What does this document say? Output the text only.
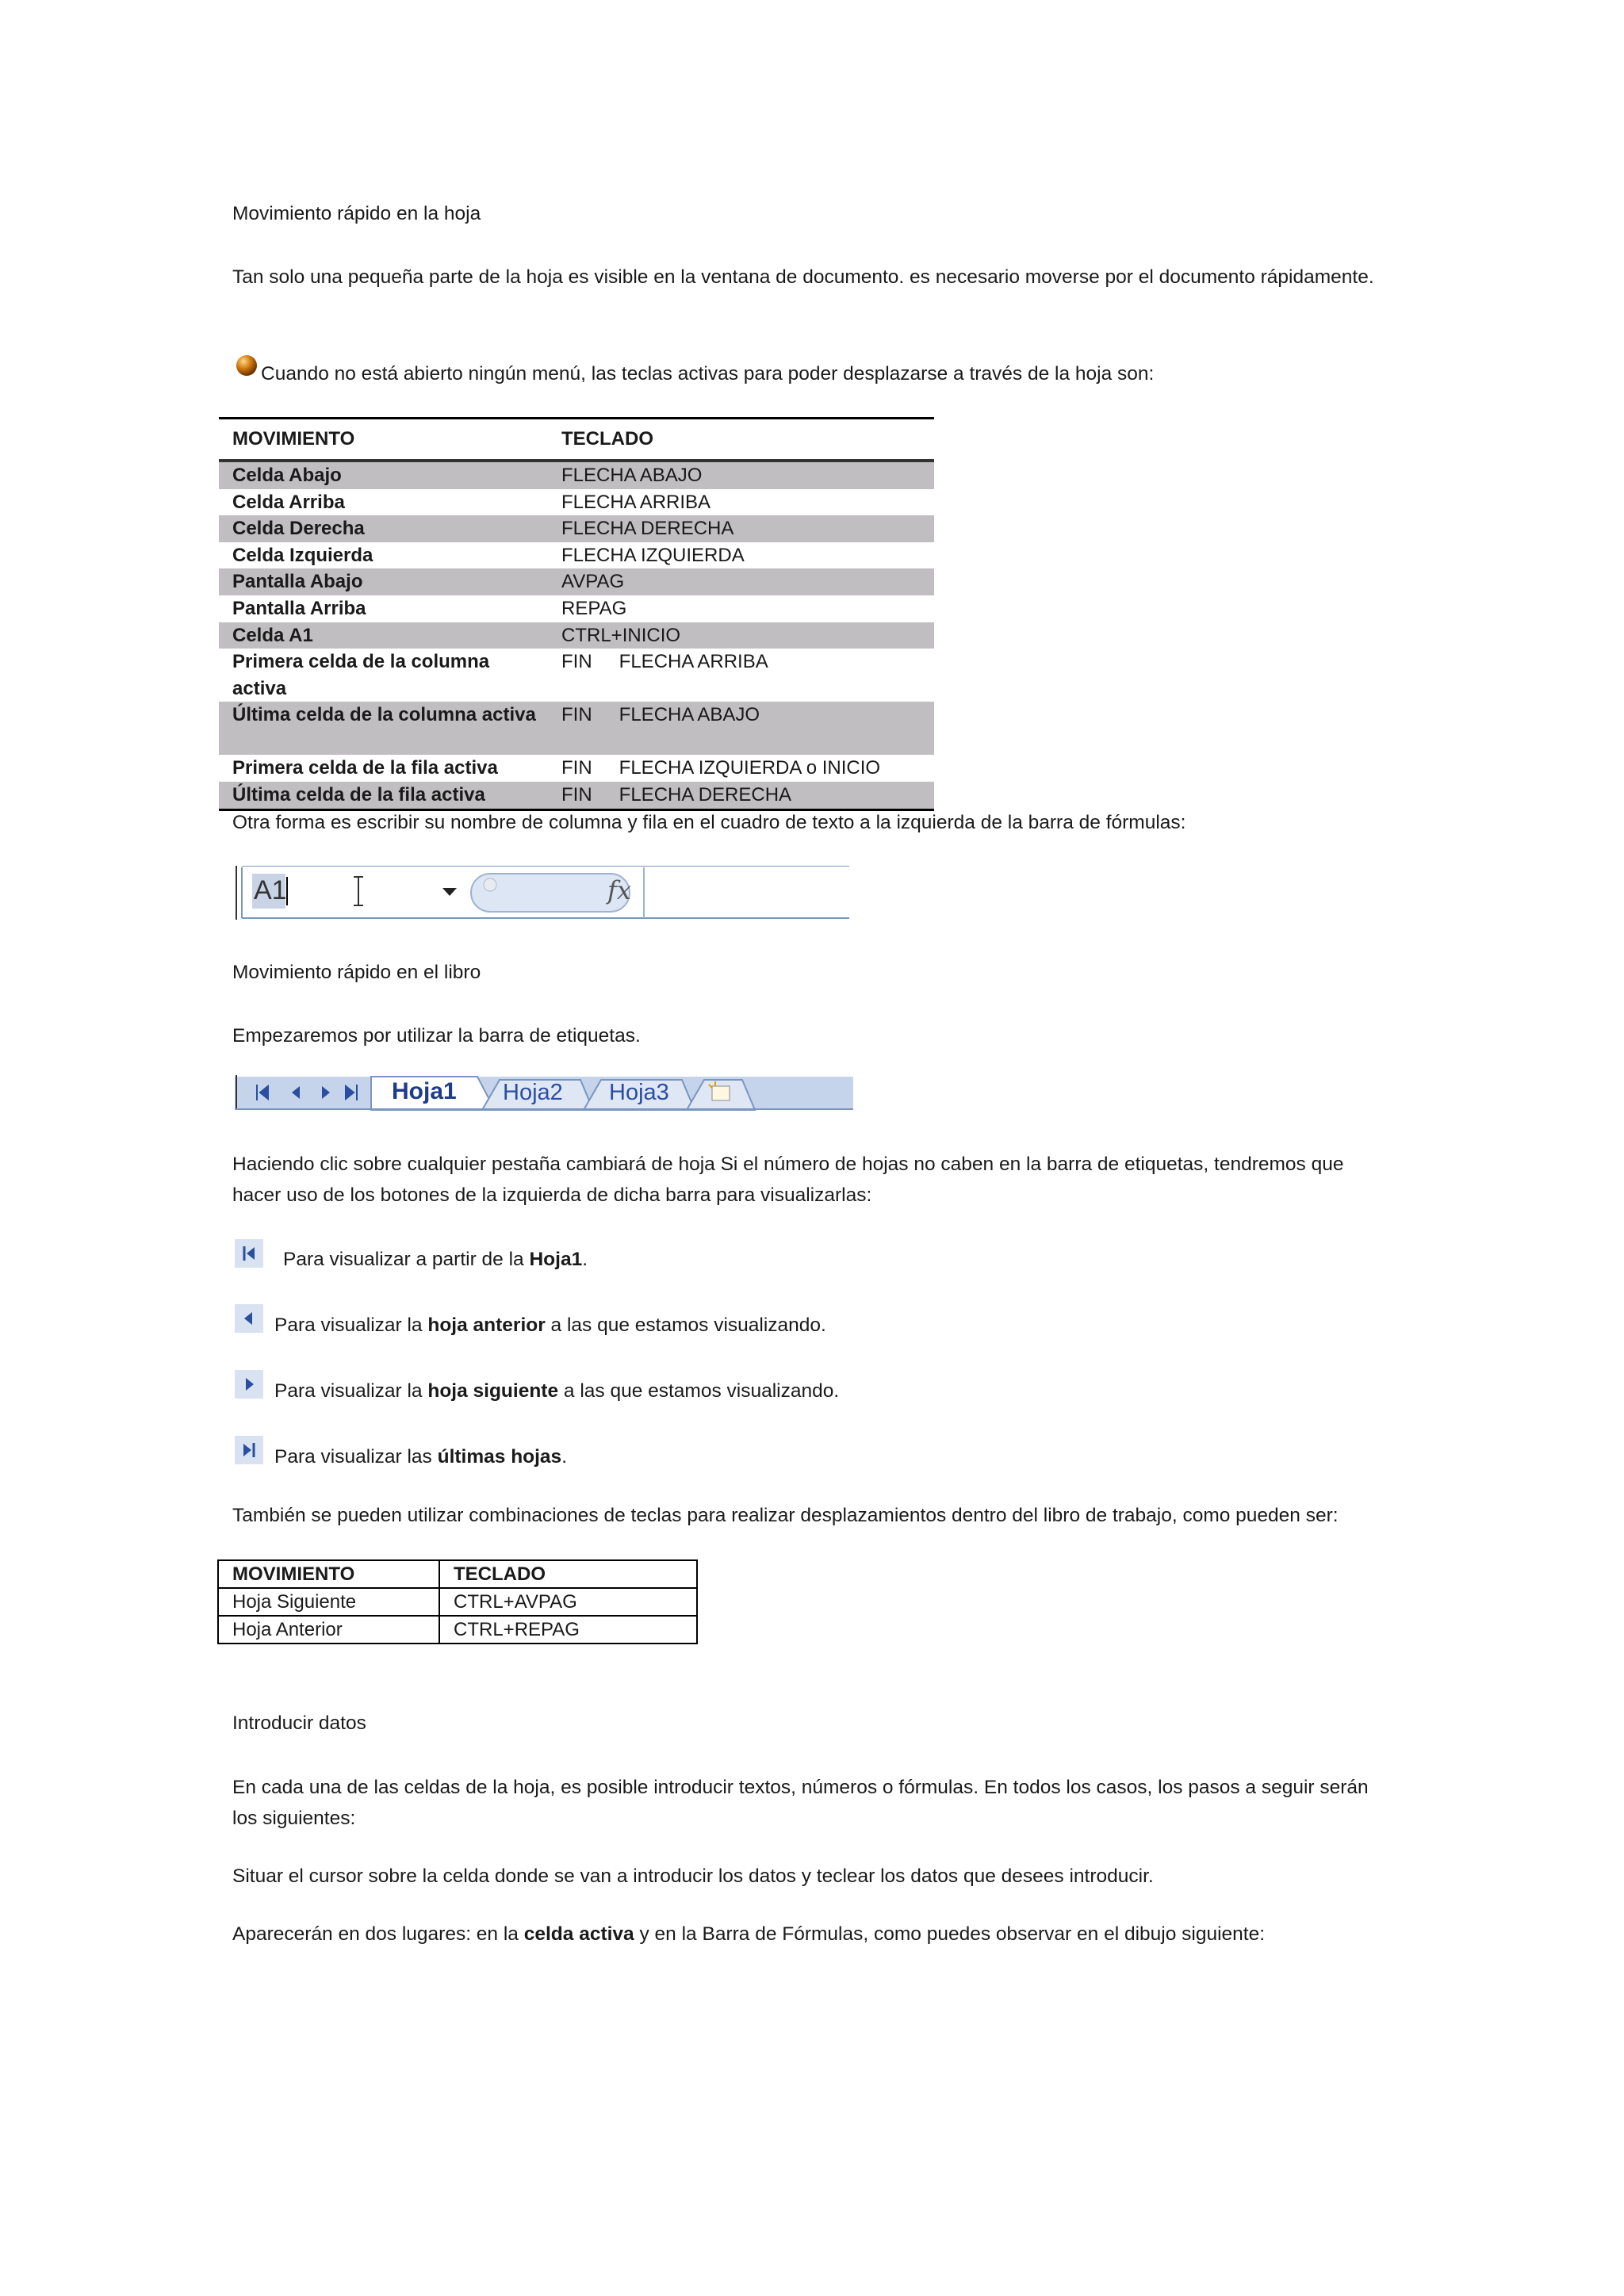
Movimiento rápido en la hoja

Tan solo una pequeña parte de la hoja es visible en la ventana de documento. es necesario moverse por el documento rápidamente.

Cuando no está abierto ningún menú, las teclas activas para poder desplazarse a través de la hoja son:

MOVIMIENTO	TECLADO
Celda Abajo	FLECHA ABAJO
Celda Arriba	FLECHA ARRIBA
Celda Derecha	FLECHA DERECHA
Celda Izquierda	FLECHA IZQUIERDA
Pantalla Abajo	AVPAG
Pantalla Arriba	REPAG
Celda A1	CTRL+INICIO
Primera celda de la columna activa	FIN FLECHA ARRIBA
Última celda de la columna activa	FIN FLECHA ABAJO
Primera celda de la fila activa	FIN FLECHA IZQUIERDA o INICIO
Última celda de la fila activa	FIN FLECHA DERECHA

Otra forma es escribir su nombre de columna y fila en el cuadro de texto a la izquierda de la barra de fórmulas:

A1	fx

Movimiento rápido en el libro

Empezaremos por utilizar la barra de etiquetas.

Hoja1 Hoja2 Hoja3

Haciendo clic sobre cualquier pestaña cambiará de hoja Si el número de hojas no caben en la barra de etiquetas, tendremos que hacer uso de los botones de la izquierda de dicha barra para visualizarlas:

Para visualizar a partir de la Hoja1.

Para visualizar la hoja anterior a las que estamos visualizando.

Para visualizar la hoja siguiente a las que estamos visualizando.

Para visualizar las últimas hojas.

También se pueden utilizar combinaciones de teclas para realizar desplazamientos dentro del libro de trabajo, como pueden ser:

MOVIMIENTO	TECLADO
Hoja Siguiente	CTRL+AVPAG
Hoja Anterior	CTRL+REPAG

Introducir datos

En cada una de las celdas de la hoja, es posible introducir textos, números o fórmulas. En todos los casos, los pasos a seguir serán los siguientes:

Situar el cursor sobre la celda donde se van a introducir los datos y teclear los datos que desees introducir.

Aparecerán en dos lugares: en la celda activa y en la Barra de Fórmulas, como puedes observar en el dibujo siguiente:
